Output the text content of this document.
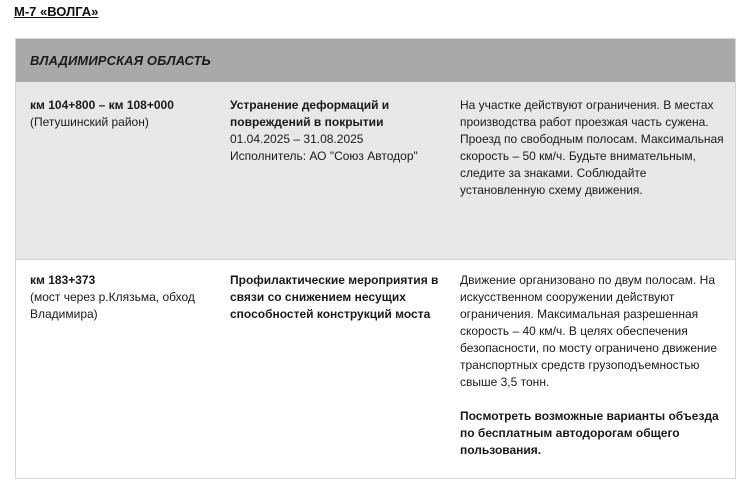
М-7 «ВОЛГА»
ВЛАДИМИРСКАЯ ОБЛАСТЬ
км 104+800 – км 108+000
(Петушинский район)
Устранение деформаций и повреждений в покрытии
01.04.2025 – 31.08.2025
Исполнитель: АО "Союз Автодор"
На участке действуют ограничения. В местах производства работ проезжая часть сужена. Проезд по свободным полосам. Максимальная скорость – 50 км/ч. Будьте внимательным, следите за знаками. Соблюдайте установленную схему движения.
км 183+373
(мост через р.Клязьма, обход Владимира)
Профилактические мероприятия в связи со снижением несущих способностей конструкций моста
Движение организовано по двум полосам. На искусственном сооружении действуют ограничения. Максимальная разрешенная скорость – 40 км/ч. В целях обеспечения безопасности, по мосту ограничено движение транспортных средств грузоподъемностью свыше 3,5 тонн.
Посмотреть возможные варианты объезда по бесплатным автодорогам общего пользования.
